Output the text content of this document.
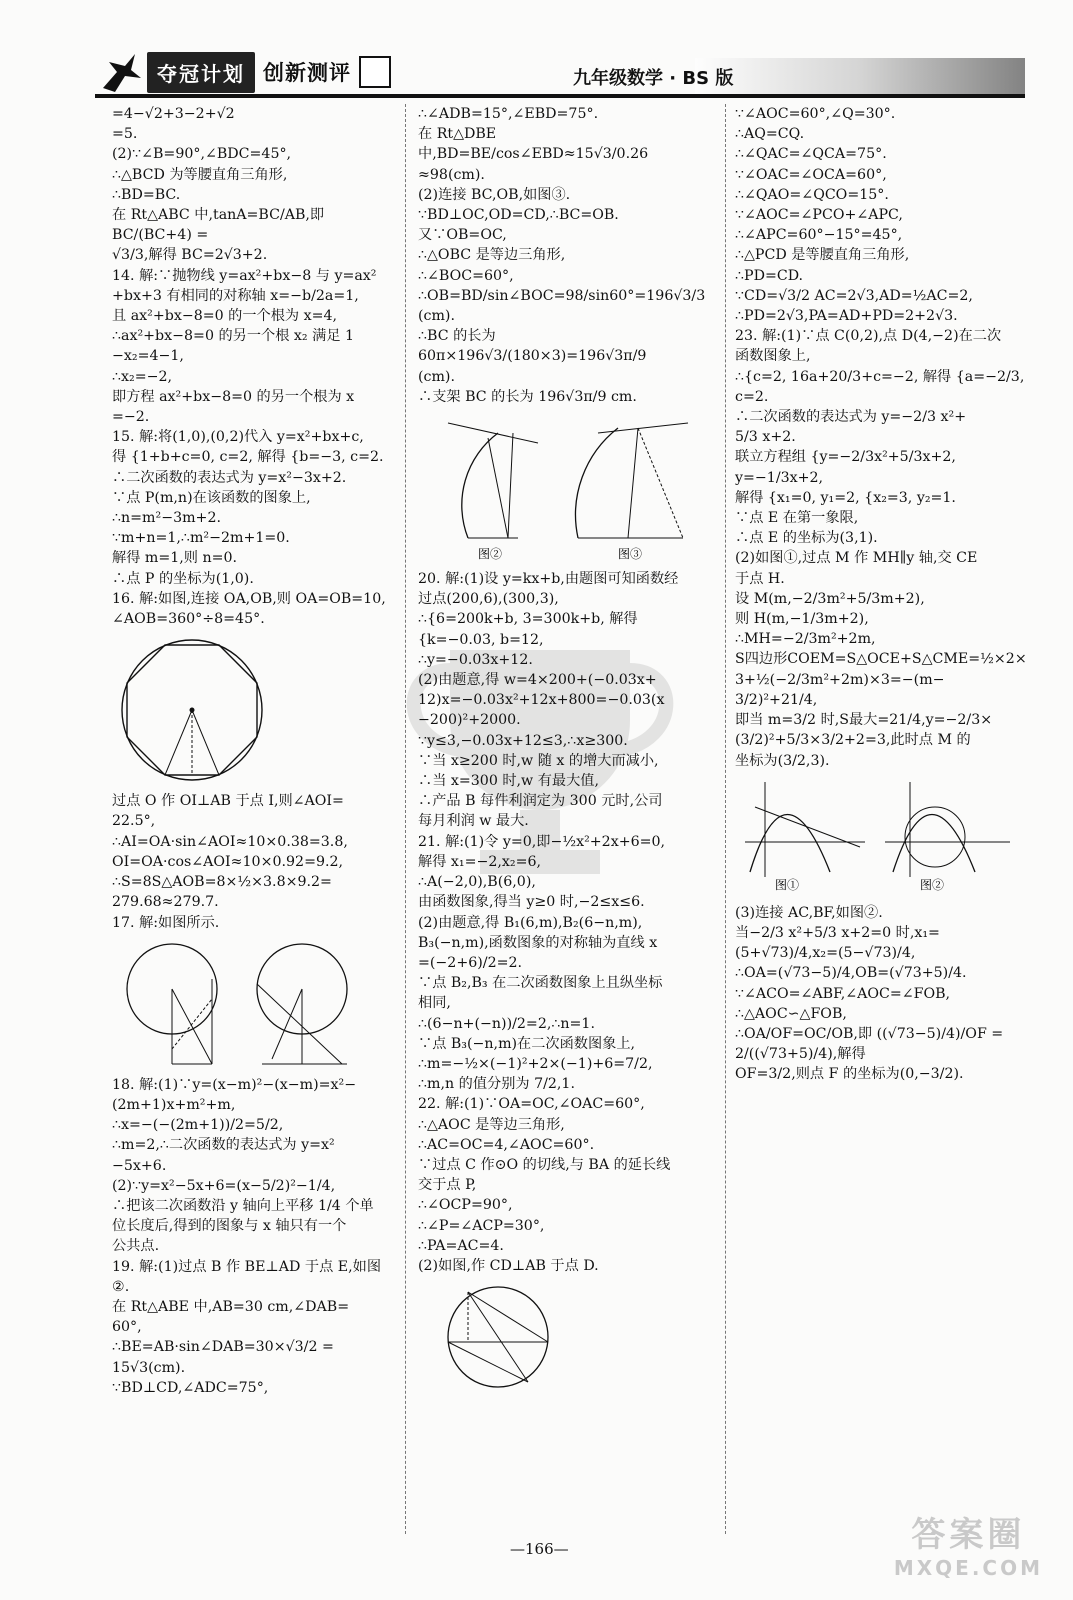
夺冠计划 创新测评	九年级数学 · BS 版

=4−√2+3−2+√2

=5.

(2)∵∠B=90°,∠BDC=45°,

∴△BCD 为等腰直角三角形,

∴BD=BC.

在 Rt△ABC 中,tanA=BC/AB,即 BC/(BC+4) =

√3/3,解得 BC=2√3+2.

14. 解:∵抛物线 y=ax²+bx−8 与 y=ax²

+bx+3 有相同的对称轴 x=−b/2a=1,

且 ax²+bx−8=0 的一个根为 x=4,

∴ax²+bx−8=0 的另一个根 x₂ 满足 1

−x₂=4−1,

∴x₂=−2,

即方程 ax²+bx−8=0 的另一个根为 x

=−2.

15. 解:将(1,0),(0,2)代入 y=x²+bx+c,

得 {1+b+c=0, c=2, 解得 {b=−3, c=2.

∴二次函数的表达式为 y=x²−3x+2.

∵点 P(m,n)在该函数的图象上,

∴n=m²−3m+2.

∵m+n=1,∴m²−2m+1=0.

解得 m=1,则 n=0.

∴点 P 的坐标为(1,0).

16. 解:如图,连接 OA,OB,则 OA=OB=10,

∠AOB=360°÷8=45°.

过点 O 作 OI⊥AB 于点 I,则∠AOI=

22.5°,

∴AI=OA·sin∠AOI≈10×0.38=3.8,

OI=OA·cos∠AOI≈10×0.92=9.2,

∴S=8S△AOB=8×½×3.8×9.2=

279.68≈279.7.

17. 解:如图所示.

18. 解:(1)∵y=(x−m)²−(x−m)=x²−

(2m+1)x+m²+m,

∴x=−(−(2m+1))/2=5/2,

∴m=2,∴二次函数的表达式为 y=x²

−5x+6.

(2)∵y=x²−5x+6=(x−5/2)²−1/4,

∴把该二次函数沿 y 轴向上平移 1/4 个单

位长度后,得到的图象与 x 轴只有一个

公共点.

19. 解:(1)过点 B 作 BE⊥AD 于点 E,如图

②.

在 Rt△ABE 中,AB=30 cm,∠DAB=

60°,

∴BE=AB·sin∠DAB=30×√3/2 =

15√3(cm).

∵BD⊥CD,∠ADC=75°,

∴∠ADB=15°,∠EBD=75°.

在 Rt△DBE 中,BD=BE/cos∠EBD≈15√3/0.26

≈98(cm).

(2)连接 BC,OB,如图③.

∵BD⊥OC,OD=CD,∴BC=OB.

又∵OB=OC,

∴△OBC 是等边三角形,

∴∠BOC=60°,

∴OB=BD/sin∠BOC=98/sin60°=196√3/3

(cm).

∴BC 的长为 60π×196√3/(180×3)=196√3π/9

(cm).

∴支架 BC 的长为 196√3π/9 cm.

图②	图③

20. 解:(1)设 y=kx+b,由题图可知函数经

过点(200,6),(300,3),

∴{6=200k+b, 3=300k+b, 解得 {k=−0.03, b=12,

∴y=−0.03x+12.

(2)由题意,得 w=4×200+(−0.03x+

12)x=−0.03x²+12x+800=−0.03(x

−200)²+2000.

∵y≤3,−0.03x+12≤3,∴x≥300.

∵当 x≥200 时,w 随 x 的增大而减小,

∴当 x=300 时,w 有最大值,

∴产品 B 每件利润定为 300 元时,公司

每月利润 w 最大.

21. 解:(1)令 y=0,即−½x²+2x+6=0,

解得 x₁=−2,x₂=6,

∴A(−2,0),B(6,0),

由函数图象,得当 y≥0 时,−2≤x≤6.

(2)由题意,得 B₁(6,m),B₂(6−n,m),

B₃(−n,m),函数图象的对称轴为直线 x

=(−2+6)/2=2.

∵点 B₂,B₃ 在二次函数图象上且纵坐标

相同,

∴(6−n+(−n))/2=2,∴n=1.

∵点 B₃(−n,m)在二次函数图象上,

∴m=−½×(−1)²+2×(−1)+6=7/2,

∴m,n 的值分别为 7/2,1.

22. 解:(1)∵OA=OC,∠OAC=60°,

∴△AOC 是等边三角形,

∴AC=OC=4,∠AOC=60°.

∵过点 C 作⊙O 的切线,与 BA 的延长线

交于点 P,

∴∠OCP=90°,

∴∠P=∠ACP=30°,

∴PA=AC=4.

(2)如图,作 CD⊥AB 于点 D.

∵∠AOC=60°,∠Q=30°.

∴AQ=CQ.

∴∠QAC=∠QCA=75°.

∵∠OAC=∠OCA=60°,

∴∠QAO=∠QCO=15°.

∵∠AOC=∠PCO+∠APC,

∴∠APC=60°−15°=45°,

∴△PCD 是等腰直角三角形,

∴PD=CD.

∵CD=√3/2 AC=2√3,AD=½AC=2,

∴PD=2√3,PA=AD+PD=2+2√3.

23. 解:(1)∵点 C(0,2),点 D(4,−2)在二次

函数图象上,

∴{c=2, 16a+20/3+c=−2, 解得 {a=−2/3, c=2.

∴二次函数的表达式为 y=−2/3 x²+

5/3 x+2.

联立方程组 {y=−2/3x²+5/3x+2, y=−1/3x+2,

解得 {x₁=0, y₁=2, {x₂=3, y₂=1.

∵点 E 在第一象限,

∴点 E 的坐标为(3,1).

(2)如图①,过点 M 作 MH∥y 轴,交 CE

于点 H.

设 M(m,−2/3m²+5/3m+2),

则 H(m,−1/3m+2),

∴MH=−2/3m²+2m,

S四边形COEM=S△OCE+S△CME=½×2×

3+½(−2/3m²+2m)×3=−(m−

3/2)²+21/4,

即当 m=3/2 时,S最大=21/4,y=−2/3×

(3/2)²+5/3×3/2+2=3,此时点 M 的

坐标为(3/2,3).

图①	图②

(3)连接 AC,BF,如图②.

当−2/3 x²+5/3 x+2=0 时,x₁=

(5+√73)/4,x₂=(5−√73)/4,

∴OA=(√73−5)/4,OB=(√73+5)/4.

∵∠ACO=∠ABF,∠AOC=∠FOB,

∴△AOC∽△FOB,

∴OA/OF=OC/OB,即 ((√73−5)/4)/OF = 2/((√73+5)/4),解得

OF=3/2,则点 F 的坐标为(0,−3/2).

—166—	答案圈
MXQE.COM
